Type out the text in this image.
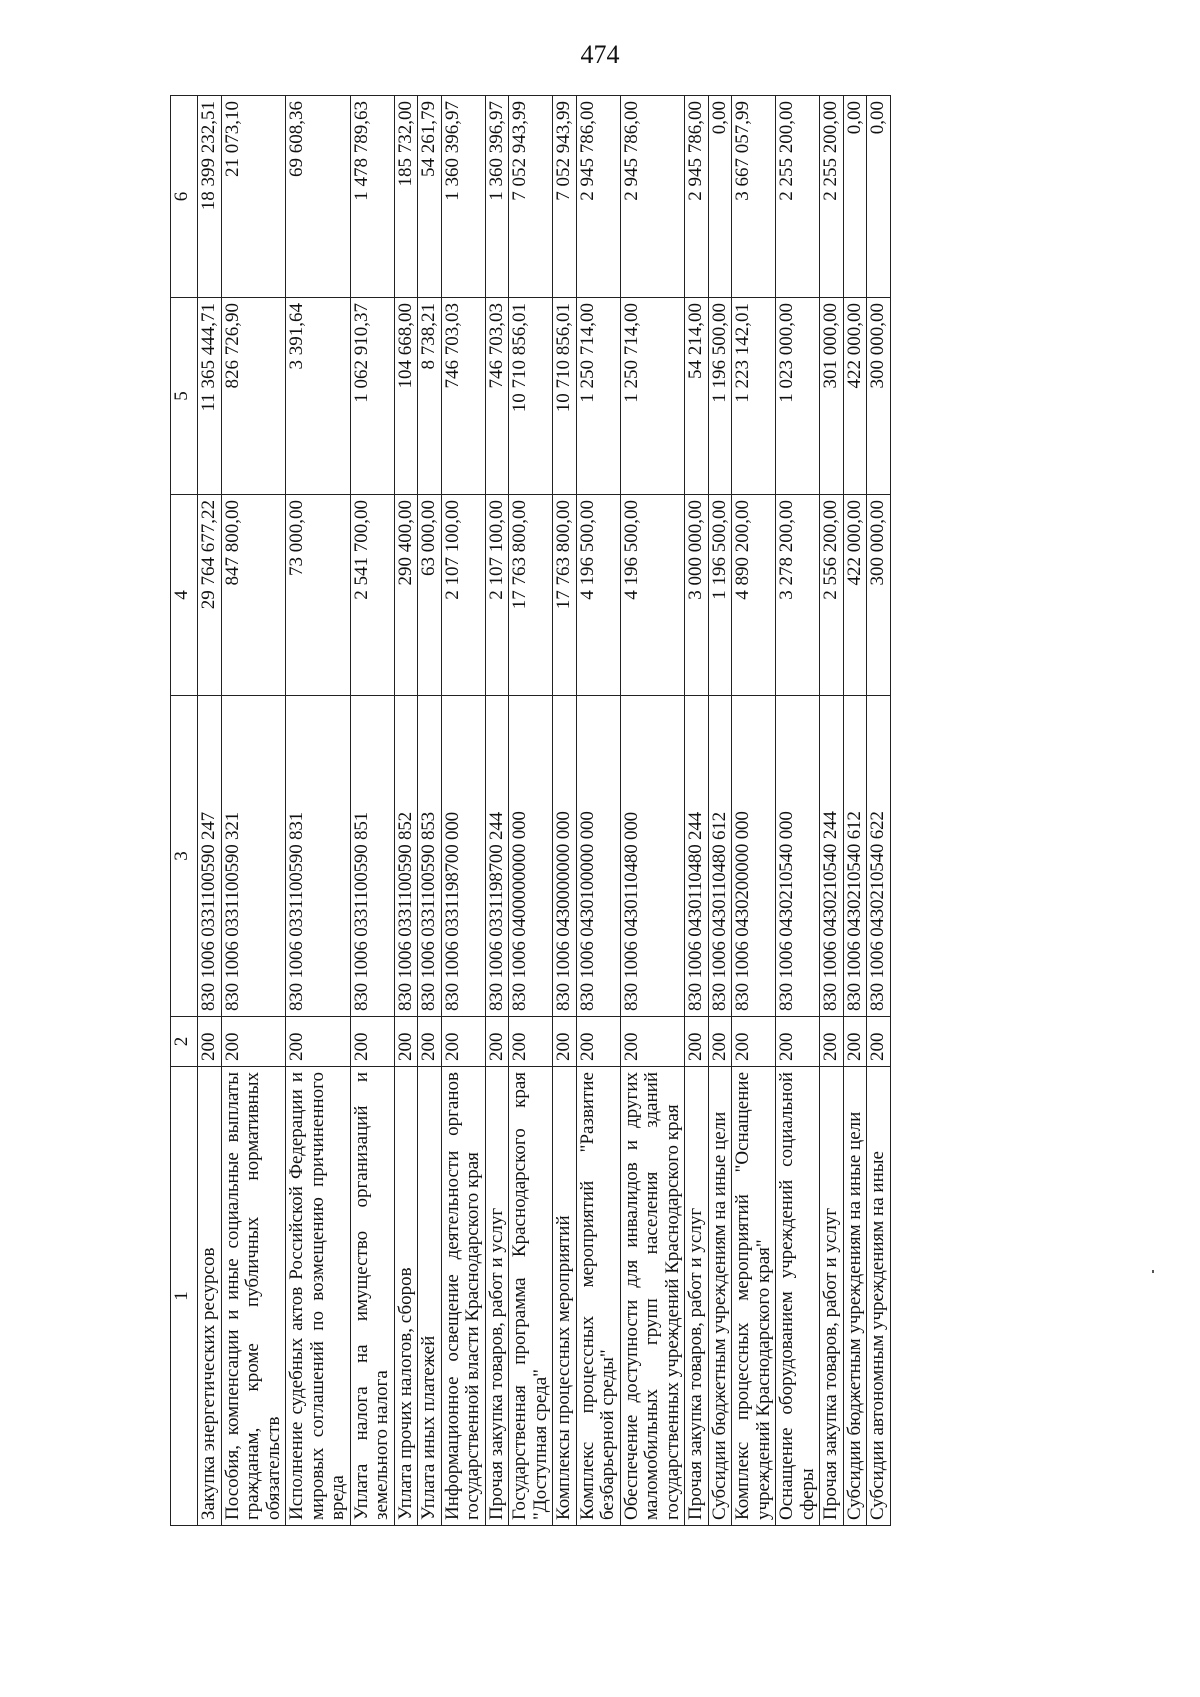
474
1	2	3	4	5	6
Закупка энергетических ресурсов	200	830 1006 0331100590 247	29 764 677,22	11 365 444,71	18 399 232,51
Пособия, компенсации и иные социальные выплаты гражданам, кроме публичных нормативных обязательств	200	830 1006 0331100590 321	847 800,00	826 726,90	21 073,10
Исполнение судебных актов Российской Федерации и мировых соглашений по возмещению причиненного вреда	200	830 1006 0331100590 831	73 000,00	3 391,64	69 608,36
Уплата налога на имущество организаций и земельного налога	200	830 1006 0331100590 851	2 541 700,00	1 062 910,37	1 478 789,63
Уплата прочих налогов, сборов	200	830 1006 0331100590 852	290 400,00	104 668,00	185 732,00
Уплата иных платежей	200	830 1006 0331100590 853	63 000,00	8 738,21	54 261,79
Информационное освещение деятельности органов государственной власти Краснодарского края	200	830 1006 0331198700 000	2 107 100,00	746 703,03	1 360 396,97
Прочая закупка товаров, работ и услуг	200	830 1006 0331198700 244	2 107 100,00	746 703,03	1 360 396,97
Государственная программа Краснодарского края "Доступная среда"	200	830 1006 0400000000 000	17 763 800,00	10 710 856,01	7 052 943,99
Комплексы процессных мероприятий	200	830 1006 0430000000 000	17 763 800,00	10 710 856,01	7 052 943,99
Комплекс процессных мероприятий "Развитие безбарьерной среды"	200	830 1006 0430100000 000	4 196 500,00	1 250 714,00	2 945 786,00
Обеспечение доступности для инвалидов и других маломобильных групп населения зданий государственных учреждений Краснодарского края	200	830 1006 0430110480 000	4 196 500,00	1 250 714,00	2 945 786,00
Прочая закупка товаров, работ и услуг	200	830 1006 0430110480 244	3 000 000,00	54 214,00	2 945 786,00
Субсидии бюджетным учреждениям на иные цели	200	830 1006 0430110480 612	1 196 500,00	1 196 500,00	0,00
Комплекс процессных мероприятий "Оснащение учреждений Краснодарского края"	200	830 1006 0430200000 000	4 890 200,00	1 223 142,01	3 667 057,99
Оснащение оборудованием учреждений социальной сферы	200	830 1006 0430210540 000	3 278 200,00	1 023 000,00	2 255 200,00
Прочая закупка товаров, работ и услуг	200	830 1006 0430210540 244	2 556 200,00	301 000,00	2 255 200,00
Субсидии бюджетным учреждениям на иные цели	200	830 1006 0430210540 612	422 000,00	422 000,00	0,00
Субсидии автономным учреждениям на иные	200	830 1006 0430210540 622	300 000,00	300 000,00	0,00
